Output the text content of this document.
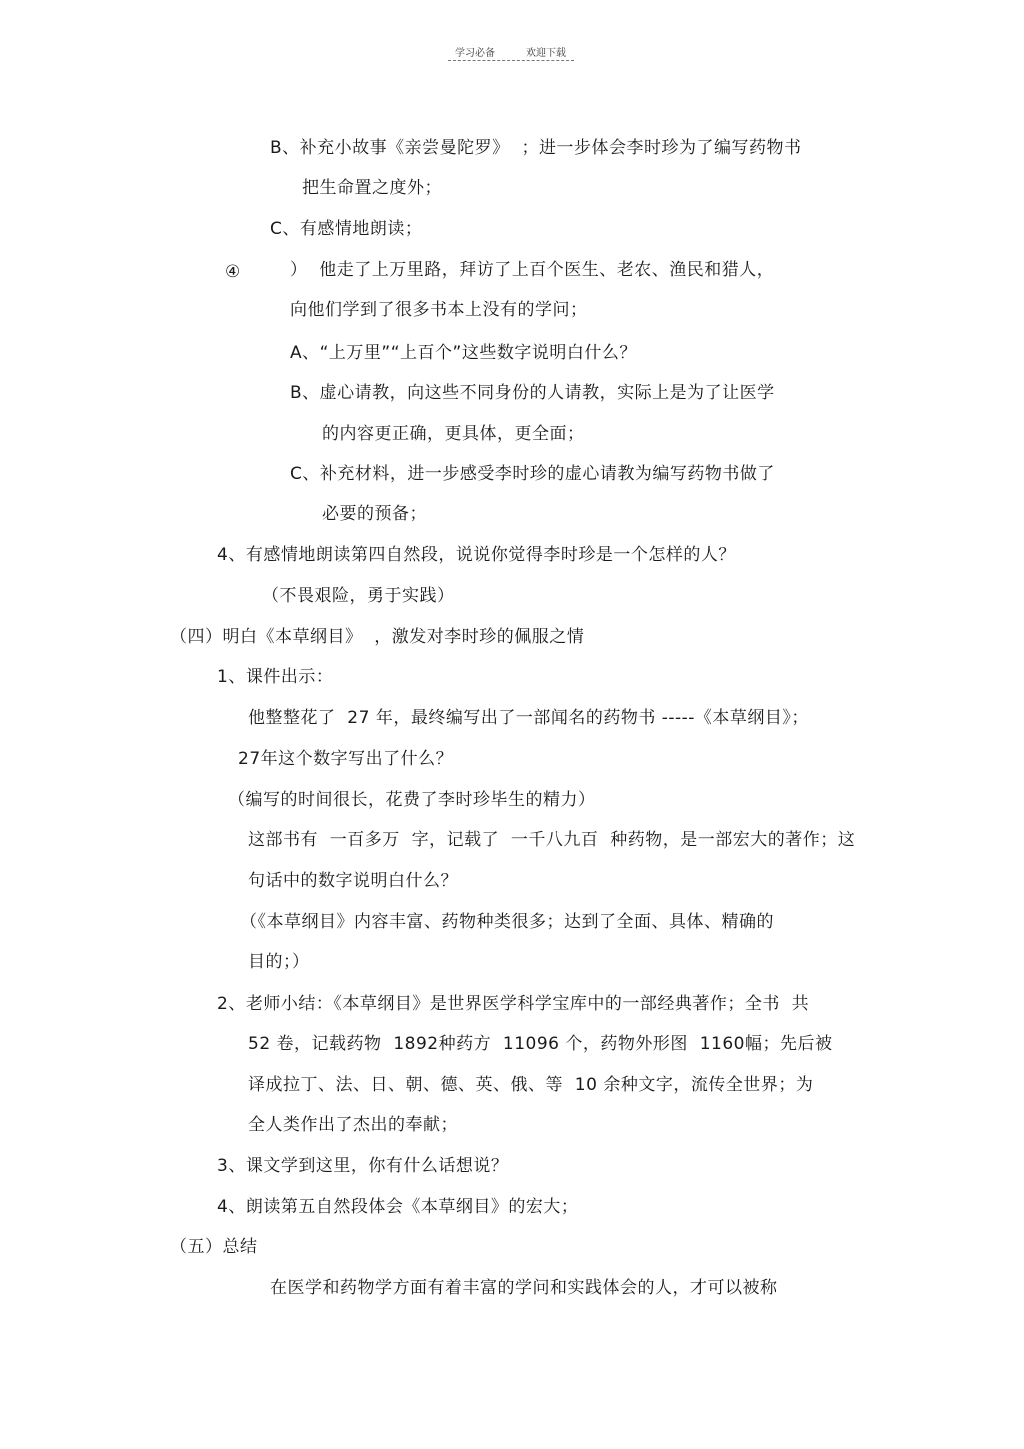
学习必备	欢迎下载
B、补充小故事《亲尝曼陀罗》  ；进一步体会李时珍为了编写药物书
把生命置之度外；
C、有感情地朗读；
④	）  他走了上万里路，拜访了上百个医生、老农、渔民和猎人，
向他们学到了很多书本上没有的学问；
A、“上万里”“上百个”这些数字说明白什么？
B、虚心请教，向这些不同身份的人请教，实际上是为了让医学
的内容更正确，更具体，更全面；
C、补充材料，进一步感受李时珍的虚心请教为编写药物书做了
必要的预备；
4、有感情地朗读第四自然段，说说你觉得李时珍是一个怎样的人？
（不畏艰险，勇于实践）
（四）明白《本草纲目》  ，激发对李时珍的佩服之情
1、课件出示：
他整整花了  27 年，最终编写出了一部闻名的药物书 -----《本草纲目》；
27年这个数字写出了什么？
（编写的时间很长，花费了李时珍毕生的精力）
这部书有  一百多万  字，记载了  一千八九百  种药物，是一部宏大的著作；这
句话中的数字说明白什么？
（《本草纲目》内容丰富、药物种类很多；达到了全面、具体、精确的
目的；）
2、老师小结：《本草纲目》是世界医学科学宝库中的一部经典著作；全书  共
52 卷，记载药物  1892种药方  11096 个，药物外形图  1160幅；先后被
译成拉丁、法、日、朝、德、英、俄、等  10 余种文字，流传全世界；为
全人类作出了杰出的奉献；
3、课文学到这里，你有什么话想说？
4、朗读第五自然段体会《本草纲目》的宏大；
（五）总结
在医学和药物学方面有着丰富的学问和实践体会的人，才可以被称
